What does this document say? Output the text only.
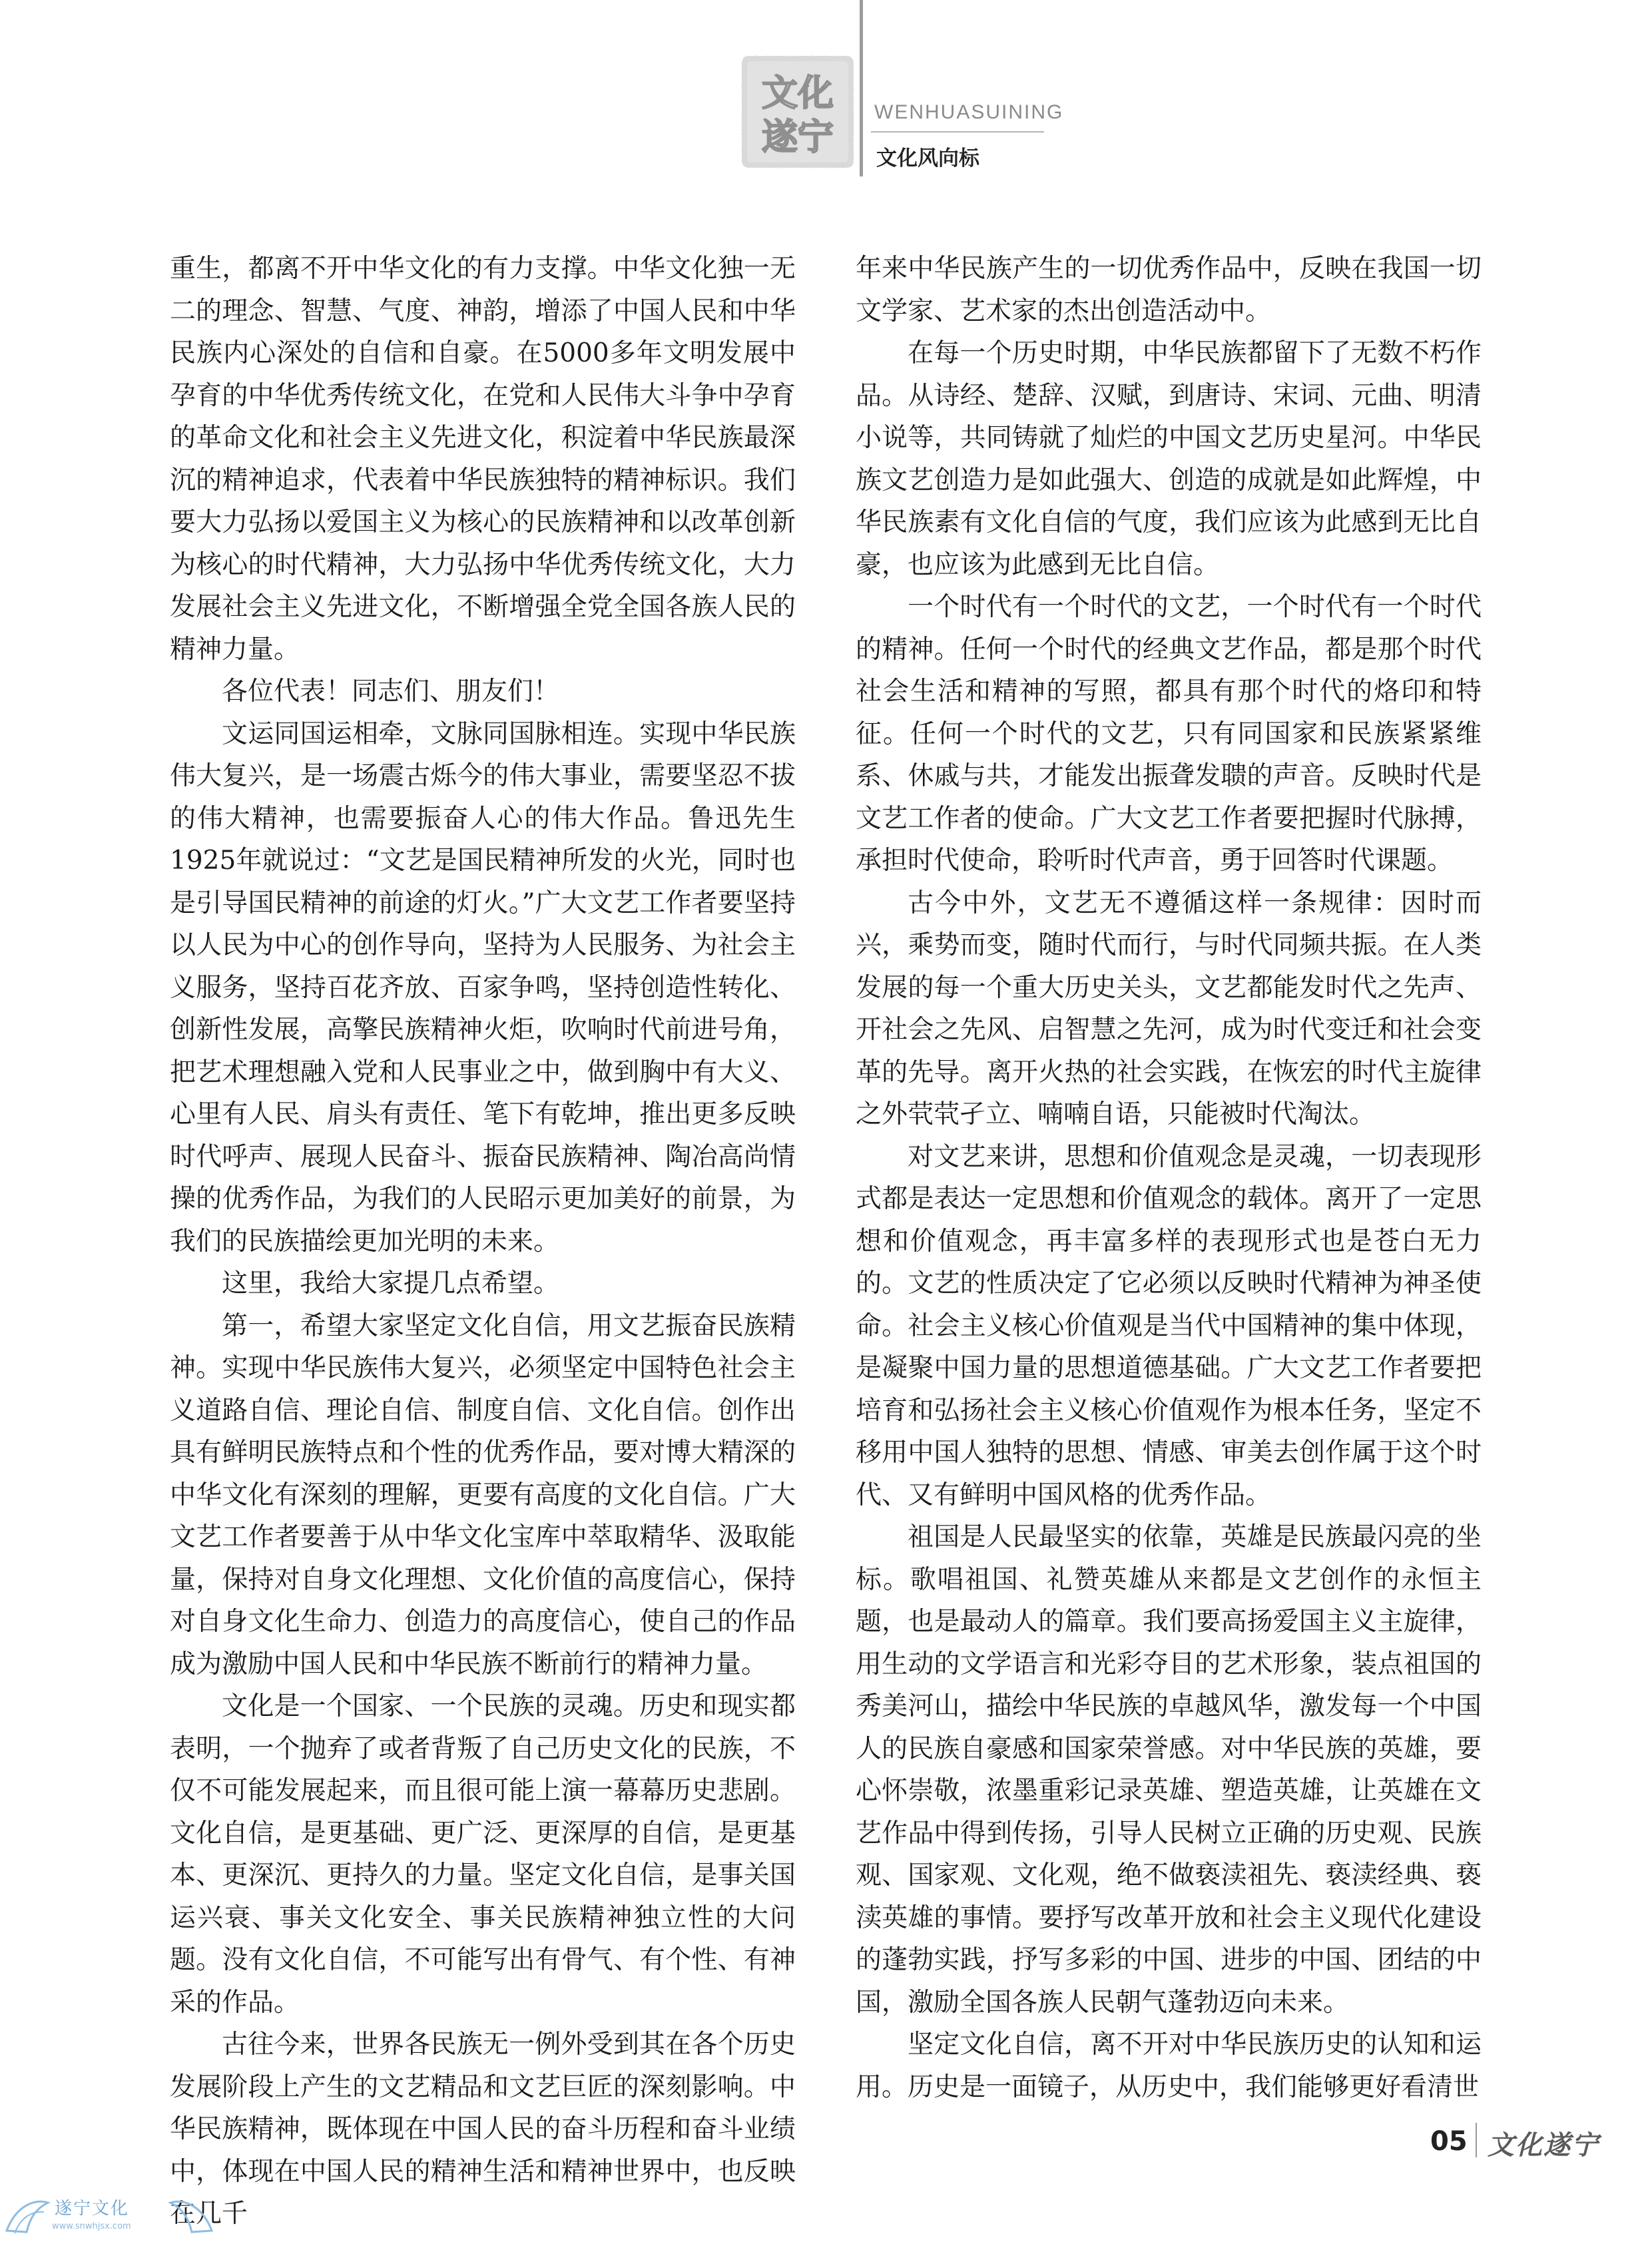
文化
遂宁
WENHUASUINING
文化风向标

重生，都离不开中华文化的有力支撑。中华文化独一无二的理念、智慧、气度、神韵，增添了中国人民和中华民族内心深处的自信和自豪。在5000多年文明发展中孕育的中华优秀传统文化，在党和人民伟大斗争中孕育的革命文化和社会主义先进文化，积淀着中华民族最深沉的精神追求，代表着中华民族独特的精神标识。我们要大力弘扬以爱国主义为核心的民族精神和以改革创新为核心的时代精神，大力弘扬中华优秀传统文化，大力发展社会主义先进文化，不断增强全党全国各族人民的精神力量。

各位代表！同志们、朋友们！

文运同国运相牵，文脉同国脉相连。实现中华民族伟大复兴，是一场震古烁今的伟大事业，需要坚忍不拔的伟大精神，也需要振奋人心的伟大作品。鲁迅先生1925年就说过：“文艺是国民精神所发的火光，同时也是引导国民精神的前途的灯火。”广大文艺工作者要坚持以人民为中心的创作导向，坚持为人民服务、为社会主义服务，坚持百花齐放、百家争鸣，坚持创造性转化、创新性发展，高擎民族精神火炬，吹响时代前进号角，把艺术理想融入党和人民事业之中，做到胸中有大义、心里有人民、肩头有责任、笔下有乾坤，推出更多反映时代呼声、展现人民奋斗、振奋民族精神、陶冶高尚情操的优秀作品，为我们的人民昭示更加美好的前景，为我们的民族描绘更加光明的未来。

这里，我给大家提几点希望。

第一，希望大家坚定文化自信，用文艺振奋民族精神。实现中华民族伟大复兴，必须坚定中国特色社会主义道路自信、理论自信、制度自信、文化自信。创作出具有鲜明民族特点和个性的优秀作品，要对博大精深的中华文化有深刻的理解，更要有高度的文化自信。广大文艺工作者要善于从中华文化宝库中萃取精华、汲取能量，保持对自身文化理想、文化价值的高度信心，保持对自身文化生命力、创造力的高度信心，使自己的作品成为激励中国人民和中华民族不断前行的精神力量。

文化是一个国家、一个民族的灵魂。历史和现实都表明，一个抛弃了或者背叛了自己历史文化的民族，不仅不可能发展起来，而且很可能上演一幕幕历史悲剧。文化自信，是更基础、更广泛、更深厚的自信，是更基本、更深沉、更持久的力量。坚定文化自信，是事关国运兴衰、事关文化安全、事关民族精神独立性的大问题。没有文化自信，不可能写出有骨气、有个性、有神采的作品。

古往今来，世界各民族无一例外受到其在各个历史发展阶段上产生的文艺精品和文艺巨匠的深刻影响。中华民族精神，既体现在中国人民的奋斗历程和奋斗业绩中，体现在中国人民的精神生活和精神世界中，也反映在几千

年来中华民族产生的一切优秀作品中，反映在我国一切文学家、艺术家的杰出创造活动中。

在每一个历史时期，中华民族都留下了无数不朽作品。从诗经、楚辞、汉赋，到唐诗、宋词、元曲、明清小说等，共同铸就了灿烂的中国文艺历史星河。中华民族文艺创造力是如此强大、创造的成就是如此辉煌，中华民族素有文化自信的气度，我们应该为此感到无比自豪，也应该为此感到无比自信。

一个时代有一个时代的文艺，一个时代有一个时代的精神。任何一个时代的经典文艺作品，都是那个时代社会生活和精神的写照，都具有那个时代的烙印和特征。任何一个时代的文艺，只有同国家和民族紧紧维系、休戚与共，才能发出振聋发聩的声音。反映时代是文艺工作者的使命。广大文艺工作者要把握时代脉搏，承担时代使命，聆听时代声音，勇于回答时代课题。

古今中外，文艺无不遵循这样一条规律：因时而兴，乘势而变，随时代而行，与时代同频共振。在人类发展的每一个重大历史关头，文艺都能发时代之先声、开社会之先风、启智慧之先河，成为时代变迁和社会变革的先导。离开火热的社会实践，在恢宏的时代主旋律之外茕茕孑立、喃喃自语，只能被时代淘汰。

对文艺来讲，思想和价值观念是灵魂，一切表现形式都是表达一定思想和价值观念的载体。离开了一定思想和价值观念，再丰富多样的表现形式也是苍白无力的。文艺的性质决定了它必须以反映时代精神为神圣使命。社会主义核心价值观是当代中国精神的集中体现，是凝聚中国力量的思想道德基础。广大文艺工作者要把培育和弘扬社会主义核心价值观作为根本任务，坚定不移用中国人独特的思想、情感、审美去创作属于这个时代、又有鲜明中国风格的优秀作品。

祖国是人民最坚实的依靠，英雄是民族最闪亮的坐标。歌唱祖国、礼赞英雄从来都是文艺创作的永恒主题，也是最动人的篇章。我们要高扬爱国主义主旋律，用生动的文学语言和光彩夺目的艺术形象，装点祖国的秀美河山，描绘中华民族的卓越风华，激发每一个中国人的民族自豪感和国家荣誉感。对中华民族的英雄，要心怀崇敬，浓墨重彩记录英雄、塑造英雄，让英雄在文艺作品中得到传扬，引导人民树立正确的历史观、民族观、国家观、文化观，绝不做亵渎祖先、亵渎经典、亵渎英雄的事情。要抒写改革开放和社会主义现代化建设的蓬勃实践，抒写多彩的中国、进步的中国、团结的中国，激励全国各族人民朝气蓬勃迈向未来。

坚定文化自信，离不开对中华民族历史的认知和运用。历史是一面镜子，从历史中，我们能够更好看清世

05 文化遂宁
遂宁文化
www.snwhjsx.com
